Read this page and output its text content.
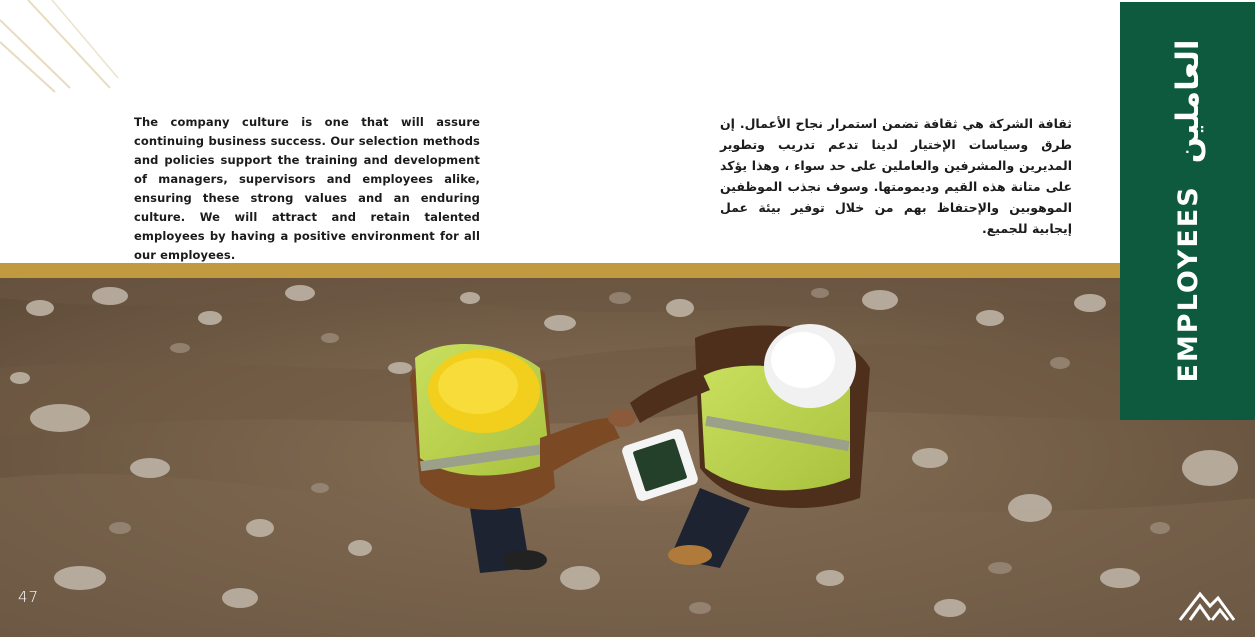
The company culture is one that will assure continuing business success. Our selection methods and policies support the training and development of managers, supervisors and employees alike, ensuring these strong values and an enduring culture. We will attract and retain talented employees by having a positive environment for all our employees.

ثقافة الشركة هي ثقافة تضمن استمرار نجاح الأعمال. إن طرق وسياسات الإختيار لدينا تدعم تدريب وتطوير المديرين والمشرفين والعاملين على حد سواء ، وهذا يؤكد على متانة هذه القيم وديمومتها. وسوف نجذب الموظفين الموهوبين والإحتفاظ بهم من خلال توفير بيئة عمل إيجابية للجميع.	EMPLOYEES
العاملين
47
